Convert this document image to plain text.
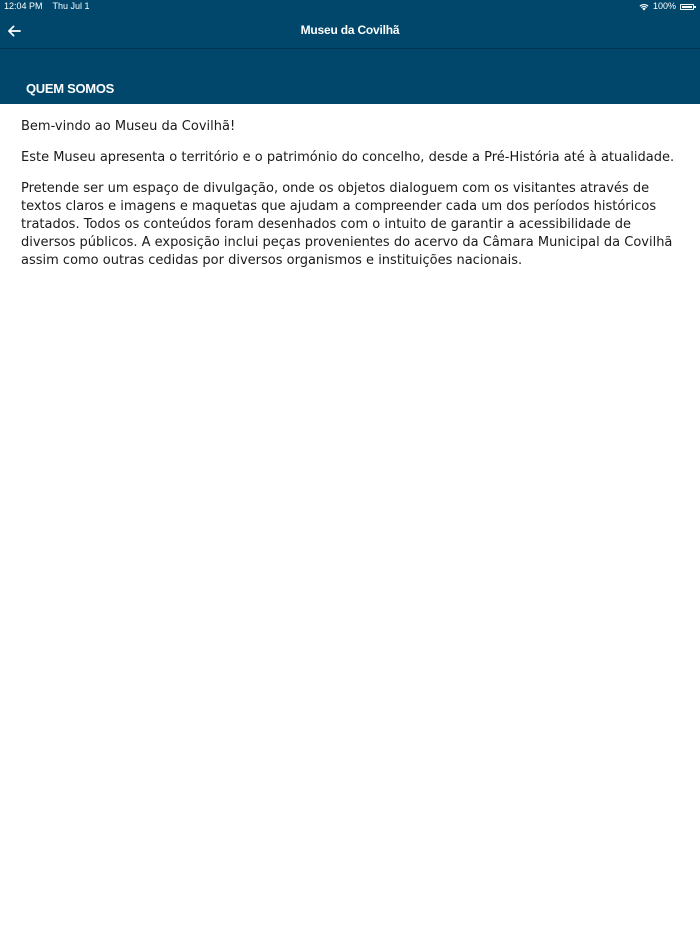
12:04 PM Thu Jul 1	100%
Museu da Covilhã
QUEM SOMOS

Bem-vindo ao Museu da Covilhã!

Este Museu apresenta o território e o património do concelho, desde a Pré-História até à atualidade.

Pretende ser um espaço de divulgação, onde os objetos dialoguem com os visitantes através de textos claros e imagens e maquetas que ajudam a compreender cada um dos períodos históricos tratados. Todos os conteúdos foram desenhados com o intuito de garantir a acessibilidade de diversos públicos. A exposição inclui peças provenientes do acervo da Câmara Municipal da Covilhã assim como outras cedidas por diversos organismos e instituições nacionais.
